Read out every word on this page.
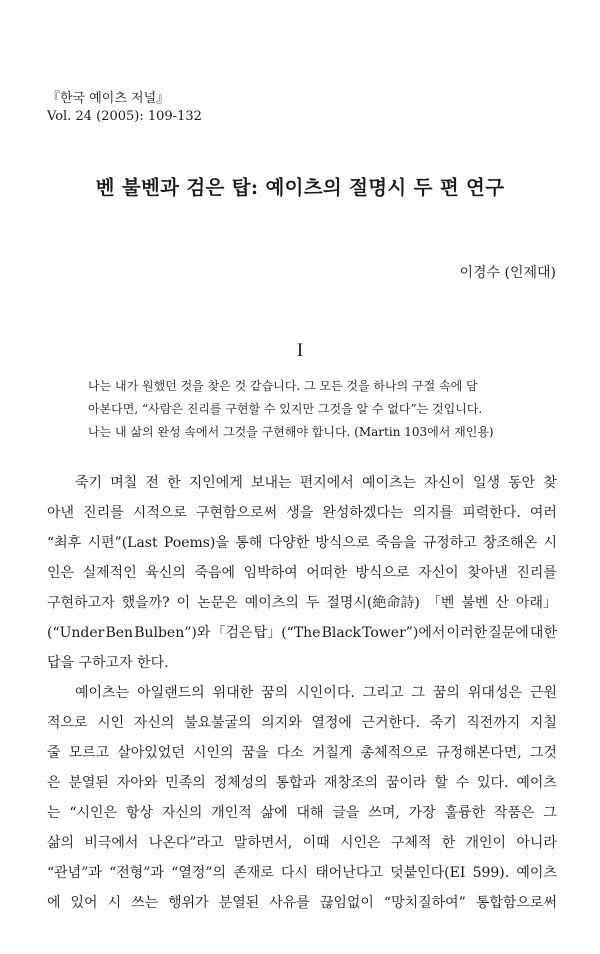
『한국 예이츠 저널』
Vol. 24 (2005): 109-132
벤 불벤과 검은 탑: 예이츠의 절명시 두 편 연구
이경수 (인제대)
I
나는 내가 원했던 것을 찾은 것 같습니다. 그 모든 것을 하나의 구절 속에 담
아본다면, “사람은 진리를 구현할 수 있지만 그것을 알 수 없다”는 것입니다.
나는 내 삶의 완성 속에서 그것을 구현해야 합니다. (Martin 103에서 재인용)
죽기 며칠 전 한 지인에게 보내는 편지에서 예이츠는 자신이 일생 동안 찾
아낸 진리를 시적으로 구현함으로써 생을 완성하겠다는 의지를 피력한다. 여러
“최후 시편”(Last Poems)을 통해 다양한 방식으로 죽음을 규정하고 창조해온 시
인은 실제적인 육신의 죽음에 임박하여 어떠한 방식으로 자신이 찾아낸 진리를
구현하고자 했을까? 이 논문은 예이츠의 두 절명시(絶命詩) 「벤 불벤 산 아래」
(“Under Ben Bulben”)와 「검은 탑」(“The Black Tower”)에서 이러한 질문에 대한
답을 구하고자 한다.
예이츠는 아일랜드의 위대한 꿈의 시인이다. 그리고 그 꿈의 위대성은 근원
적으로 시인 자신의 불요불굴의 의지와 열정에 근거한다. 죽기 직전까지 지칠
줄 모르고 살아있었던 시인의 꿈을 다소 거칠게 총체적으로 규정해본다면, 그것
은 분열된 자아와 민족의 정체성의 통합과 재창조의 꿈이라 할 수 있다. 예이츠
는 “시인은 항상 자신의 개인적 삶에 대해 글을 쓰며, 가장 훌륭한 작품은 그
삶의 비극에서 나온다”라고 말하면서, 이때 시인은 구체적 한 개인이 아니라
“관념”과 “전형”과 “열정”의 존재로 다시 태어난다고 덧붙인다(EI 599). 예이츠
에 있어 시 쓰는 행위가 분열된 사유를 끊임없이 “망치질하여” 통합함으로써
